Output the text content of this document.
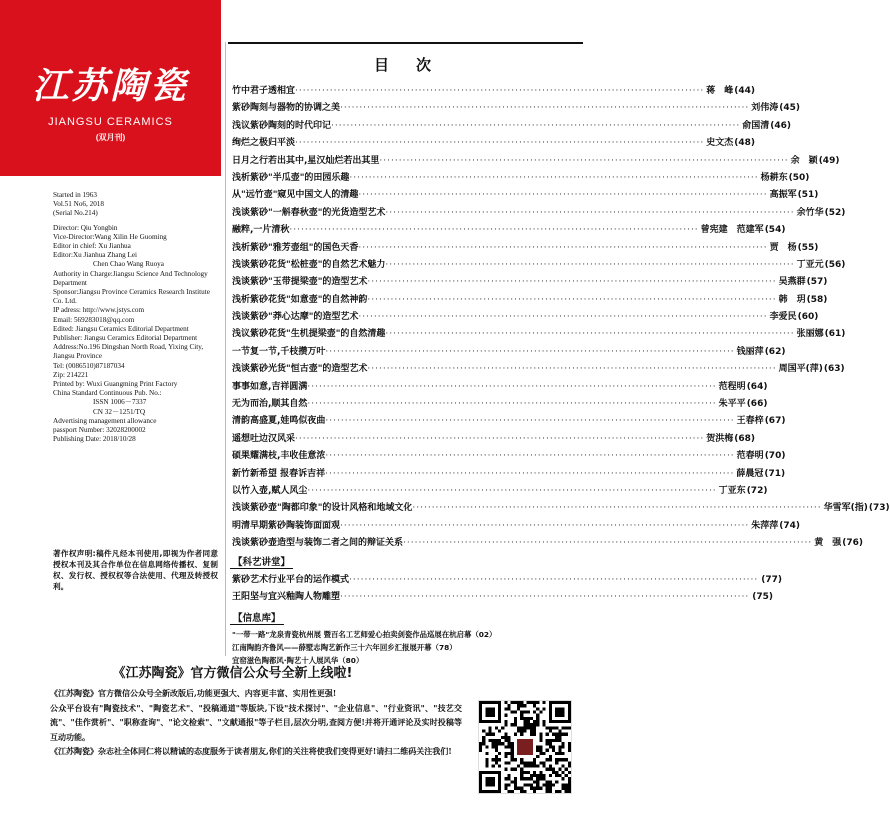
江苏陶瓷
JIANGSU CERAMICS
(双月刊)

Started in 1963

Vol.51 No6, 2018

(Serial No.214)

Director: Qiu Yongbin

Vice-Director:Wang Xilin He Guoming

Editor in chief: Xu Jianhua

Editor:Xu Jianhua Zhang Lei

Chen Chao Wang Ruoya

Authority in Charge:Jiangsu Science And Technology Department

Sponsor:Jiangsu Province Ceramics Research Institute Co. Ltd.

IP adress: http://www.jstys.com

Email: 569283018@qq.com

Edited: Jiangsu Ceramics Editorial Department

Publisher: Jiangsu Ceramics Editorial Department

Address:No.196 Dingshan North Road, Yixing City, Jiangsu Province

Tel: (0086510)87187034

Zip: 214221

Printed by: Wuxi Guangming Print Factory

China Standard Continuous Pub. No.:

ISSN 1006－7337

CN 32－1251/TQ

Advertising management allowance

passport Number: 32028200002

Publishing Date: 2018/10/28

著作权声明:稿件凡经本刊使用,即视为作者同意授权本刊及其合作单位在信息网络传播权、复制权、发行权、授权权等合法使用、代理及转授权利。
目　次
竹中君子透相宜 ·····	蒋　峰 (44)
紫砂陶刻与器物的协调之美 ·····	刘伟涛 (45)
浅议紫砂陶刻的时代印记 ·····	俞国清 (46)
绚烂之极归平淡 ·····	史文杰 (48)
日月之行若出其中,星汉灿烂若出其里 ·····	余　颖 (49)
浅析紫砂"半瓜壶"的田园乐趣 ·····	杨耕东 (50)
从"远竹壶"窥见中国文人的清趣 ·····	高振军 (51)
浅谈紫砂"一斛春秋壶"的光货造型艺术 ·····	余竹华 (52)
融粹,一片清秋 ·····	曾宪建　范建军 (54)
浅析紫砂"雅芳壶组"的国色天香 ·····	贾　杨 (55)
浅谈紫砂花货"松桩壶"的自然艺术魅力 ·····	丁亚元 (56)
浅谈紫砂"玉带提梁壶"的造型艺术 ·····	吴燕群 (57)
浅析紫砂花货"如意壶"的自然神韵 ·····	韩　玥 (58)
浅谈紫砂"莽心达摩"的造型艺术 ·····	李爱民 (60)
浅议紫砂花货"生机提梁壶"的自然清趣 ·····	张丽娜 (61)
一节复一节,千枝攒万叶 ·····	钱丽萍 (62)
浅谈紫砂光货"恒古壶"的造型艺术 ·····	周国平(萍) (63)
事事如意,吉祥圆满 ·····	范程明 (64)
无为而治,顺其自然 ·····	朱平平 (66)
清韵高盛夏,娃鸣似夜曲 ·····	王春梓 (67)
遥想吐边汉风采 ·····	贺洪梅 (68)
硕果耀满枝,丰收佳意浓 ·····	范春明 (70)
新竹新希望 报春诉吉祥 ·····	薛晨冠 (71)
以竹入壶,赋人风尘 ·····	丁亚东 (72)
浅谈紫砂壶"陶都印象"的设计风格和地域文化 ·····	华雪军(指) (73)
明清早期紫砂陶装饰面面观 ·····	朱萍萍 (74)
浅谈紫砂壶造型与装饰二者之间的辩证关系 ·····	黄　强 (76)
【科艺讲堂】
紫砂艺术行业平台的运作模式 ·····	(77)
王阳坚与宜兴釉陶人物雕塑 ·····	(75)
【信息库】
"一带一路"龙泉青瓷杭州展 暨百名工艺师爱心拍卖剑瓷作品巡展在杭启幕（02）
江南陶韵齐鲁风——薛墅志陶艺新作三十六年回乡汇报展开幕（78）
宜窑滋色陶都风·陶艺十人展风华（80）
《江苏陶瓷》官方微信公众号全新上线啦!

《江苏陶瓷》官方微信公众号全新改版后,功能更强大、内容更丰富、实用性更强!

公众平台设有"陶瓷技术"、"陶瓷艺术"、"投稿通道"等版块,下设"技术探讨"、"企业信息"、"行业资讯"、"技艺交流"、"佳作赏析"、"职称查询"、"论文检索"、"文献通报"等子栏目,层次分明,查阅方便!并将开通评论及实时投稿等互动功能。

《江苏陶瓷》杂志社全体同仁将以精诚的态度服务于读者朋友,你们的关注将使我们变得更好!请扫二维码关注我们!
